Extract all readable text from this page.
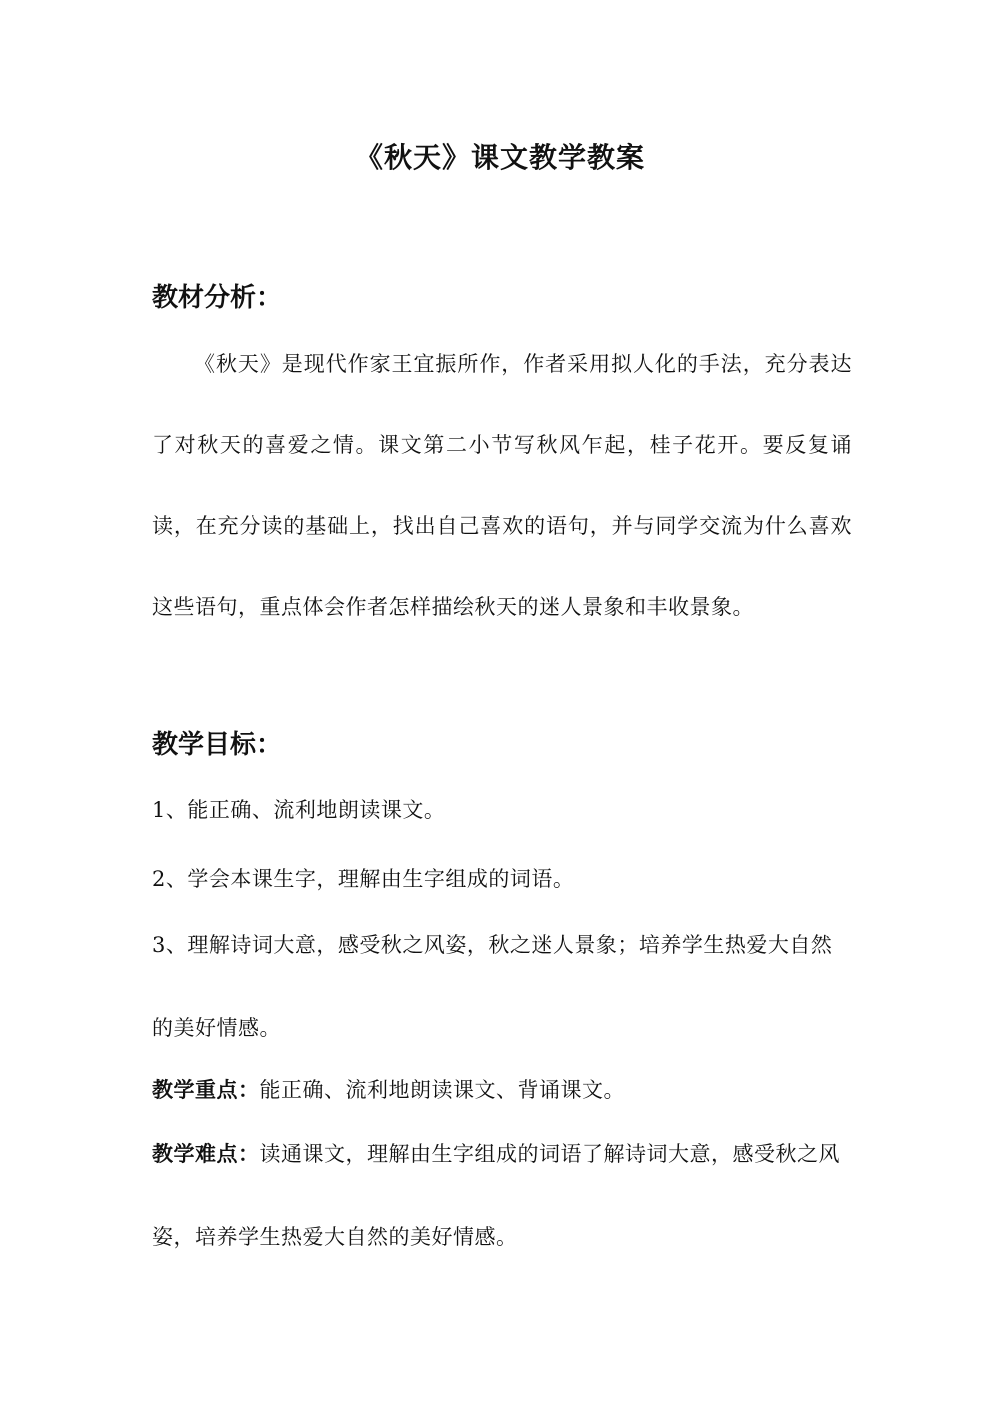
《秋天》课文教学教案
教材分析：
《秋天》是现代作家王宜振所作，作者采用拟人化的手法，充分表达了对秋天的喜爱之情。课文第二小节写秋风乍起，桂子花开。要反复诵读，在充分读的基础上，找出自己喜欢的语句，并与同学交流为什么喜欢这些语句，重点体会作者怎样描绘秋天的迷人景象和丰收景象。
教学目标：
1、能正确、流利地朗读课文。
2、学会本课生字，理解由生字组成的词语。
3、理解诗词大意，感受秋之风姿，秋之迷人景象；培养学生热爱大自然的美好情感。
教学重点：能正确、流利地朗读课文、背诵课文。
教学难点：读通课文，理解由生字组成的词语了解诗词大意，感受秋之风姿，培养学生热爱大自然的美好情感。
